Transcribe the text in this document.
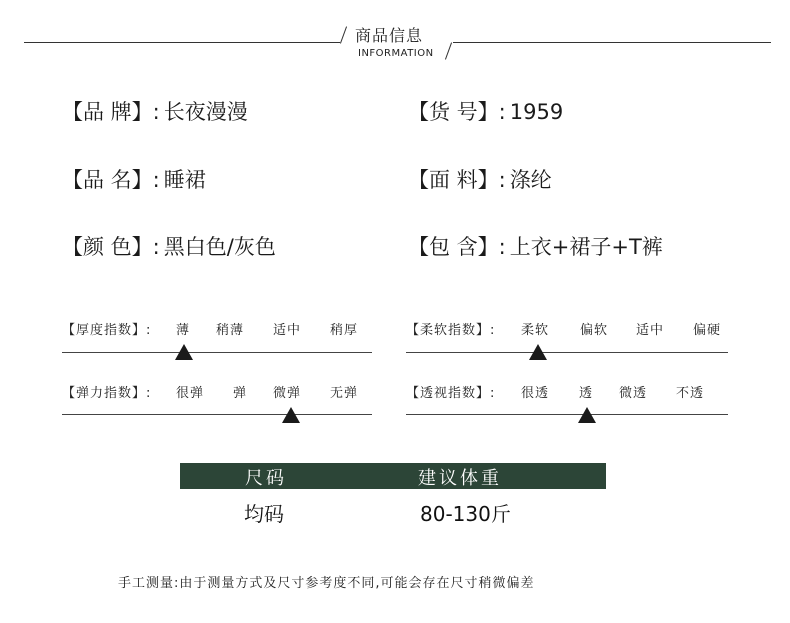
商品信息
INFORMATION
【品 牌】: 长夜漫漫	【货 号】: 1959
【品 名】: 睡裙	【面 料】: 涤纶
【颜 色】: 黑白色/灰色	【包 含】: 上衣+裙子+T裤
【厚度指数】: 薄 稍薄 适中 稍厚	【柔软指数】: 柔软 偏软 适中 偏硬
【弹力指数】: 很弹 弹 微弹 无弹	【透视指数】: 很透 透 微透 不透
尺码	建议体重
均码	80-130斤
手工测量:由于测量方式及尺寸参考度不同,可能会存在尺寸稍微偏差
